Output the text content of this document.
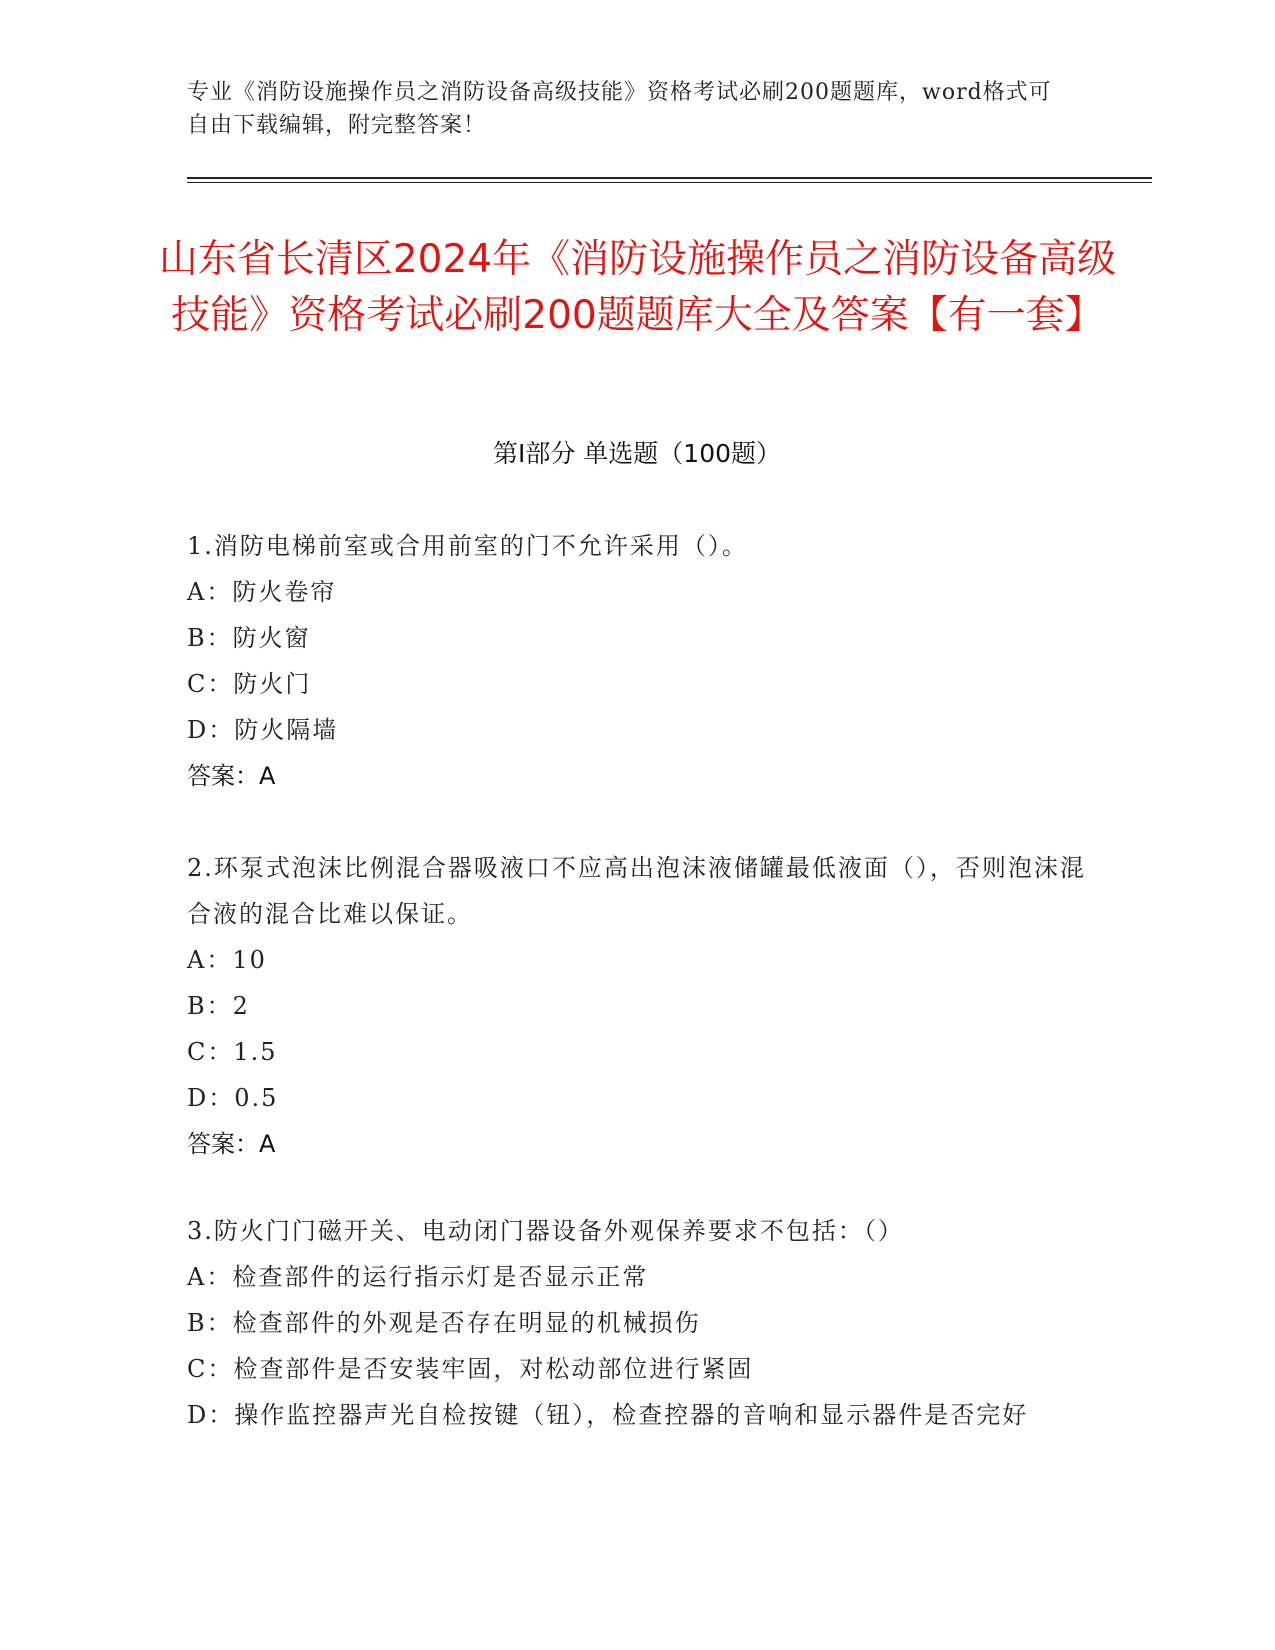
专业《消防设施操作员之消防设备高级技能》资格考试必刷200题题库，word格式可自由下载编辑，附完整答案！
山东省长清区2024年《消防设施操作员之消防设备高级技能》资格考试必刷200题题库大全及答案【有一套】
第Ⅰ部分 单选题（100题）
1.消防电梯前室或合用前室的门不允许采用（）。
A：防火卷帘
B：防火窗
C：防火门
D：防火隔墙
答案：A
2.环泵式泡沫比例混合器吸液口不应高出泡沫液储罐最低液面（），否则泡沫混合液的混合比难以保证。
A：10
B：2
C：1.5
D：0.5
答案：A
3.防火门门磁开关、电动闭门器设备外观保养要求不包括：（）
A：检查部件的运行指示灯是否显示正常
B：检查部件的外观是否存在明显的机械损伤
C：检查部件是否安装牢固，对松动部位进行紧固
D：操作监控器声光自检按键（钮），检查控器的音响和显示器件是否完好
